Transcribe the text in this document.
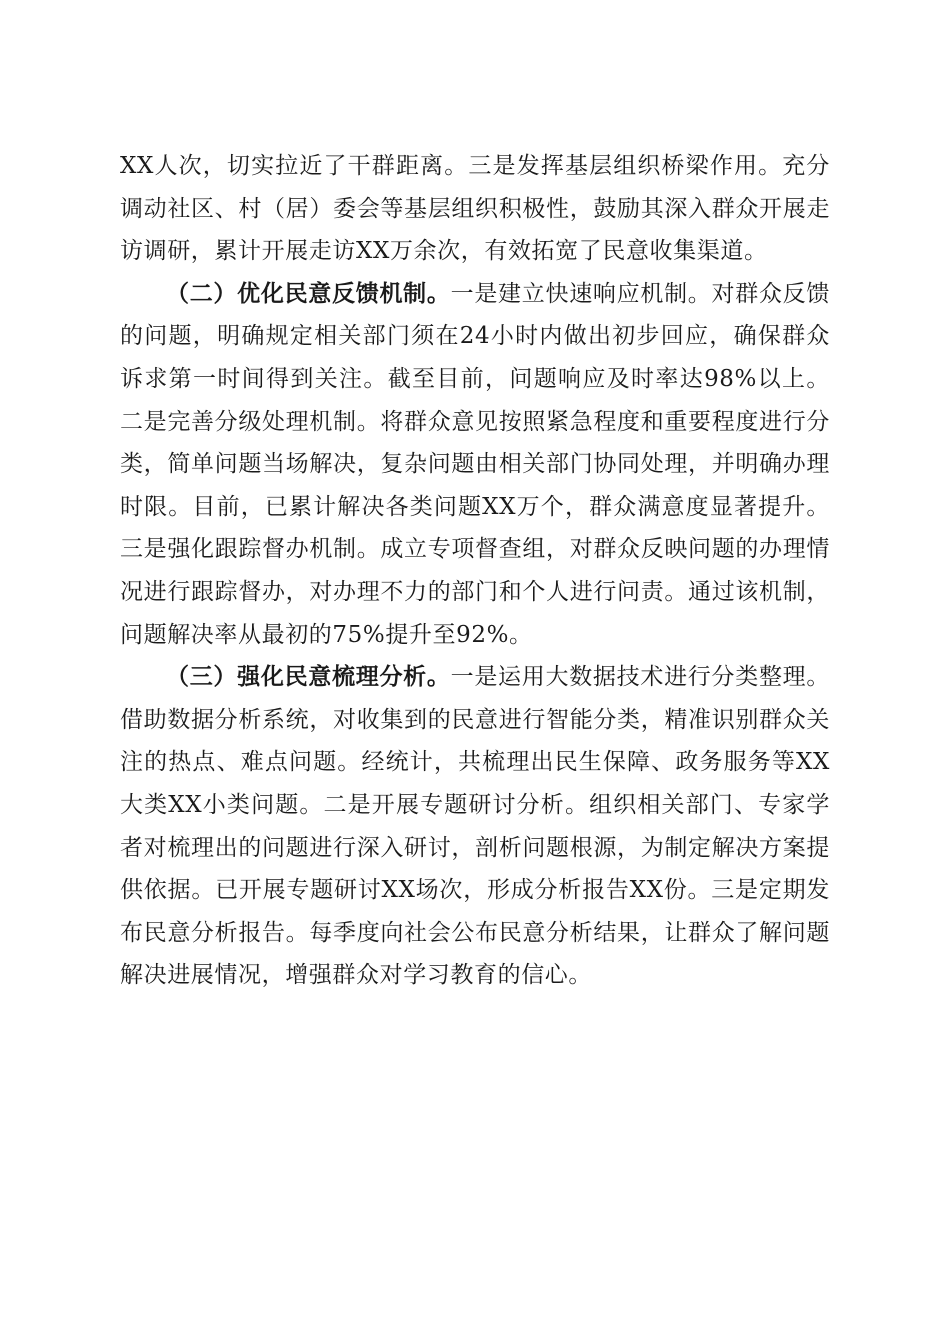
XX人次，切实拉近了干群距离。三是发挥基层组织桥梁作用。充分调动社区、村（居）委会等基层组织积极性，鼓励其深入群众开展走访调研，累计开展走访XX万余次，有效拓宽了民意收集渠道。

（二）优化民意反馈机制。一是建立快速响应机制。对群众反馈的问题，明确规定相关部门须在24小时内做出初步回应，确保群众诉求第一时间得到关注。截至目前，问题响应及时率达98%以上。二是完善分级处理机制。将群众意见按照紧急程度和重要程度进行分类，简单问题当场解决，复杂问题由相关部门协同处理，并明确办理时限。目前，已累计解决各类问题XX万个，群众满意度显著提升。三是强化跟踪督办机制。成立专项督查组，对群众反映问题的办理情况进行跟踪督办，对办理不力的部门和个人进行问责。通过该机制，问题解决率从最初的75%提升至92%。

（三）强化民意梳理分析。一是运用大数据技术进行分类整理。借助数据分析系统，对收集到的民意进行智能分类，精准识别群众关注的热点、难点问题。经统计，共梳理出民生保障、政务服务等XX大类XX小类问题。二是开展专题研讨分析。组织相关部门、专家学者对梳理出的问题进行深入研讨，剖析问题根源，为制定解决方案提供依据。已开展专题研讨XX场次，形成分析报告XX份。三是定期发布民意分析报告。每季度向社会公布民意分析结果，让群众了解问题解决进展情况，增强群众对学习教育的信心。
